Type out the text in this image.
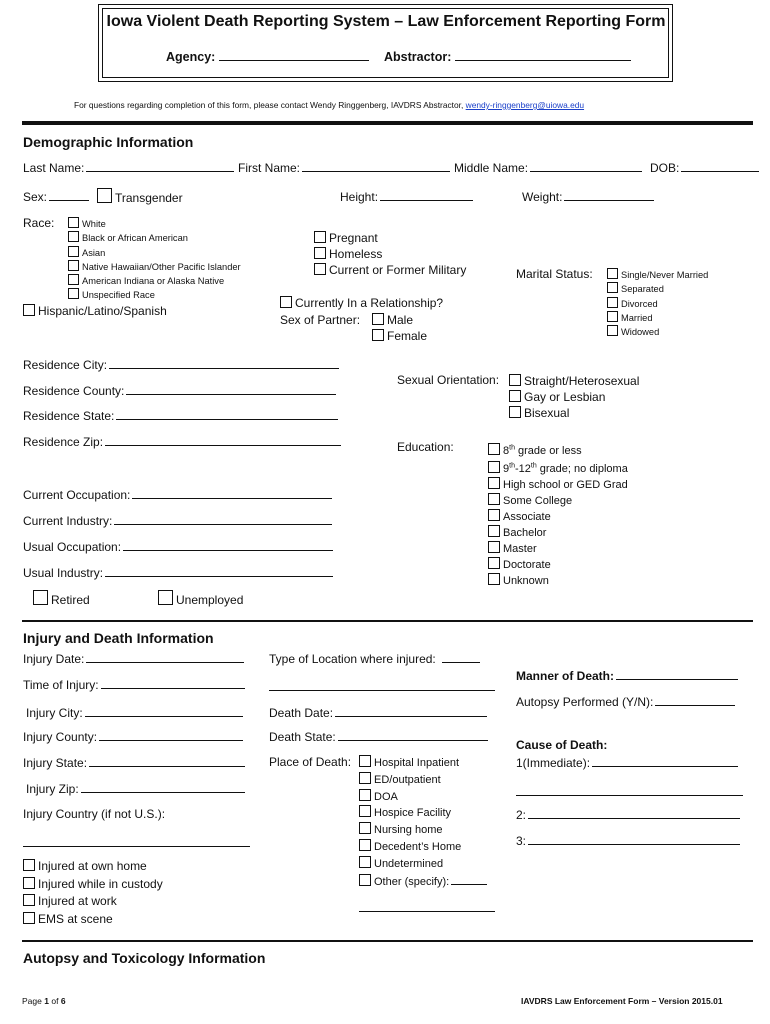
Iowa Violent Death Reporting System – Law Enforcement Reporting Form
Agency:	Abstractor:
For questions regarding completion of this form, please contact Wendy Ringgenberg, IAVDRS Abstractor, wendy-ringgenberg@uiowa.edu
Demographic Information
Last Name:	First Name:	Middle Name:	DOB:
Sex:	Transgender	Height:	Weight:
Race:	White
Black or African American
Asian
Native Hawaiian/Other Pacific Islander
American Indiana or Alaska Native
Unspecified Race
Hispanic/Latino/Spanish
Pregnant
Homeless
Current or Former Military
Currently In a Relationship?
Sex of Partner:	Male
Female
Marital Status:	Single/Never Married
Separated
Divorced
Married
Widowed
Residence City:
Residence County:
Residence State:
Residence Zip:
Sexual Orientation:	Straight/Heterosexual
Gay or Lesbian
Bisexual
Education:	8th grade or less
9th-12th grade; no diploma
High school or GED Grad
Some College
Associate
Bachelor
Master
Doctorate
Unknown
Current Occupation:
Current Industry:
Usual Occupation:
Usual Industry:
Retired	Unemployed
Injury and Death Information
Injury Date:
Time of Injury:
Injury City:
Injury County:
Injury State:
Injury Zip:
Injury Country (if not U.S.):
Injured at own home
Injured while in custody
Injured at work
EMS at scene
Type of Location where injured:
Death Date:
Death State:
Place of Death:	Hospital Inpatient
ED/outpatient
DOA
Hospice Facility
Nursing home
Decedent’s Home
Undetermined
Other (specify):
Manner of Death:
Autopsy Performed (Y/N):
Cause of Death:
1(Immediate):
2:
3:
Autopsy and Toxicology Information
Page 1 of 6	IAVDRS Law Enforcement Form – Version 2015.01
